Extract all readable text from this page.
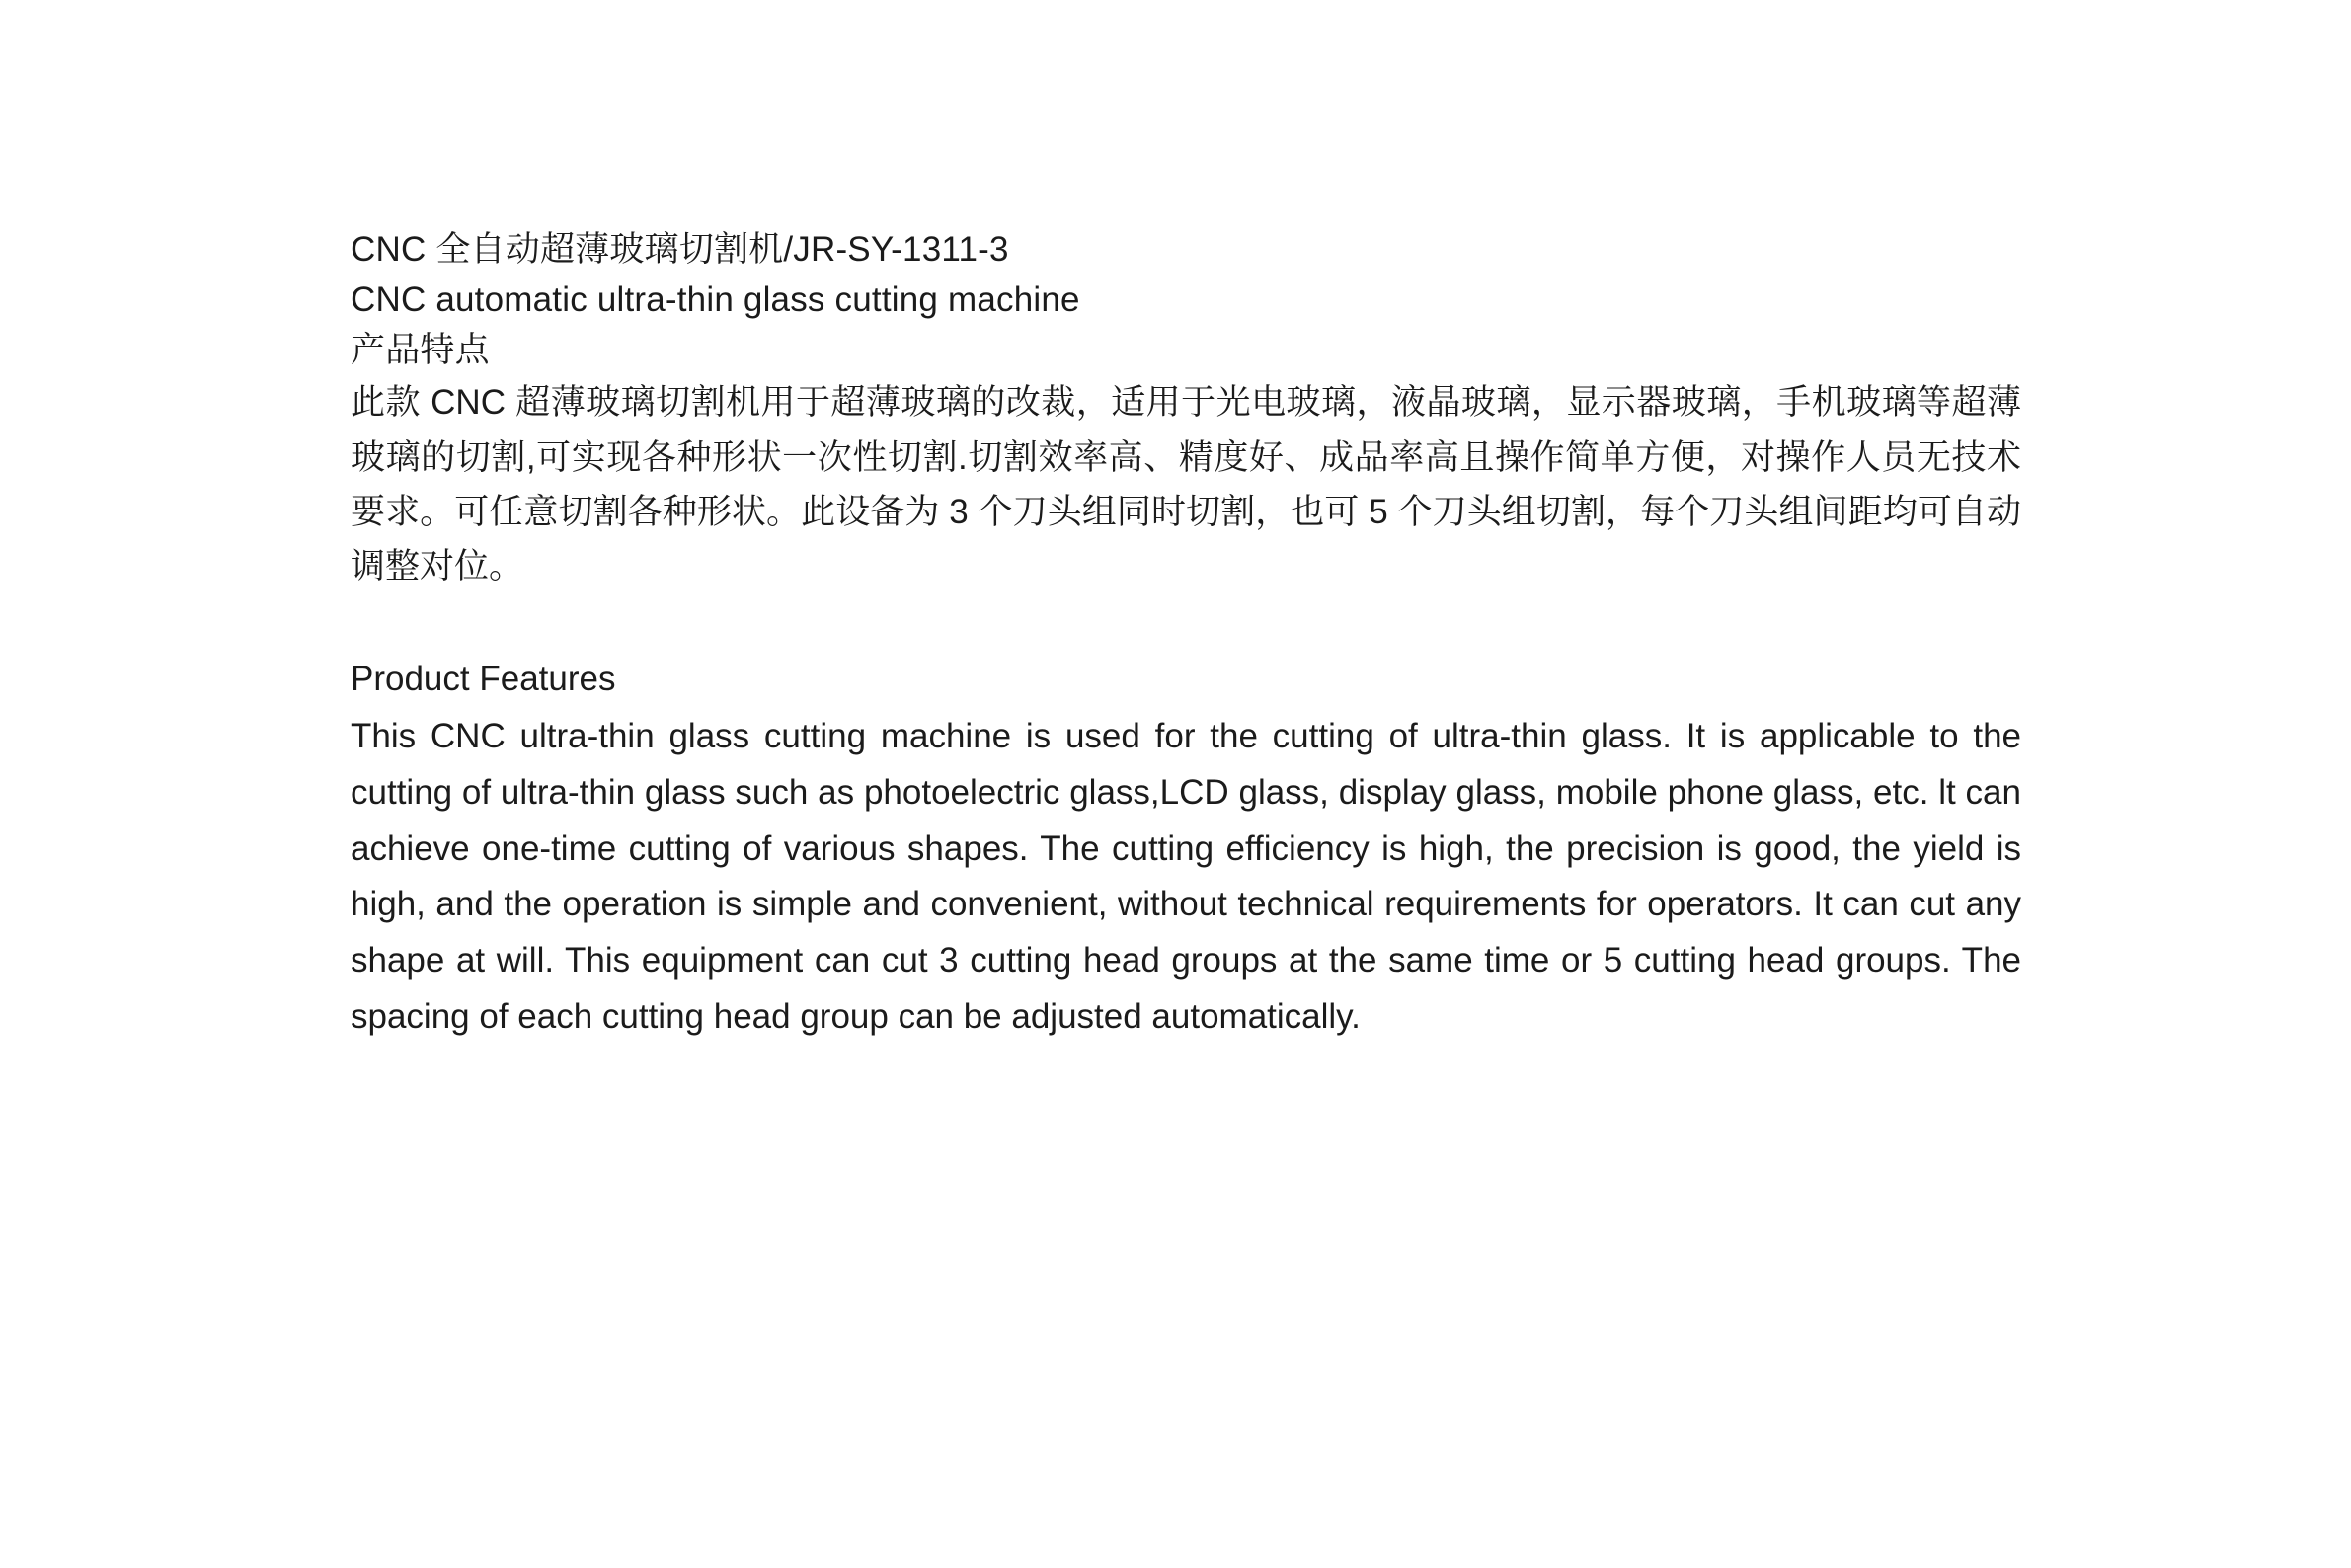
CNC 全自动超薄玻璃切割机/JR-SY-1311-3
CNC automatic ultra-thin glass cutting machine
产品特点

此款 CNC 超薄玻璃切割机用于超薄玻璃的改裁，适用于光电玻璃，液晶玻璃，显示器玻璃，手机玻璃等超薄玻璃的切割,可实现各种形状一次性切割.切割效率高、精度好、成品率高且操作简单方便，对操作人员无技术要求。可任意切割各种形状。此设备为 3 个刀头组同时切割，也可 5 个刀头组切割，每个刀头组间距均可自动调整对位。

Product Features

This CNC ultra-thin glass cutting machine is used for the cutting of ultra-thin glass. It is applicable to the cutting of ultra-thin glass such as photoelectric glass,LCD glass, display glass, mobile phone glass, etc. lt can achieve one-time cutting of various shapes. The cutting efficiency is high, the precision is good, the yield is high, and the operation is simple and convenient, without technical requirements for operators. It can cut any shape at will. This equipment can cut 3 cutting head groups at the same time or 5 cutting head groups. The spacing of each cutting head group can be adjusted automatically.
